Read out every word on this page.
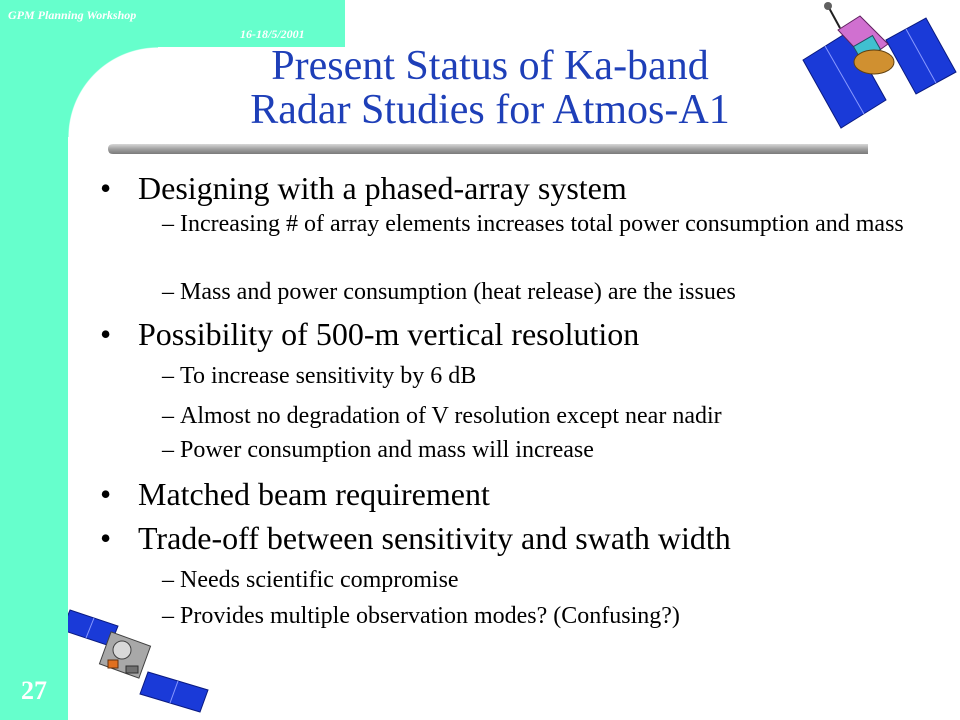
GPM Planning Workshop
16-18/5/2001
27
Present Status of Ka-band
Radar Studies for Atmos-A1
• Designing with a phased-array system
– Increasing # of array elements increases total power consumption and mass
– Mass and power consumption (heat release) are the issues
• Possibility of 500-m vertical resolution
– To increase sensitivity by 6 dB
– Almost no degradation of V resolution except near nadir
– Power consumption and mass will increase
• Matched beam requirement
• Trade-off between sensitivity and swath width
– Needs scientific compromise
– Provides multiple observation modes? (Confusing?)
